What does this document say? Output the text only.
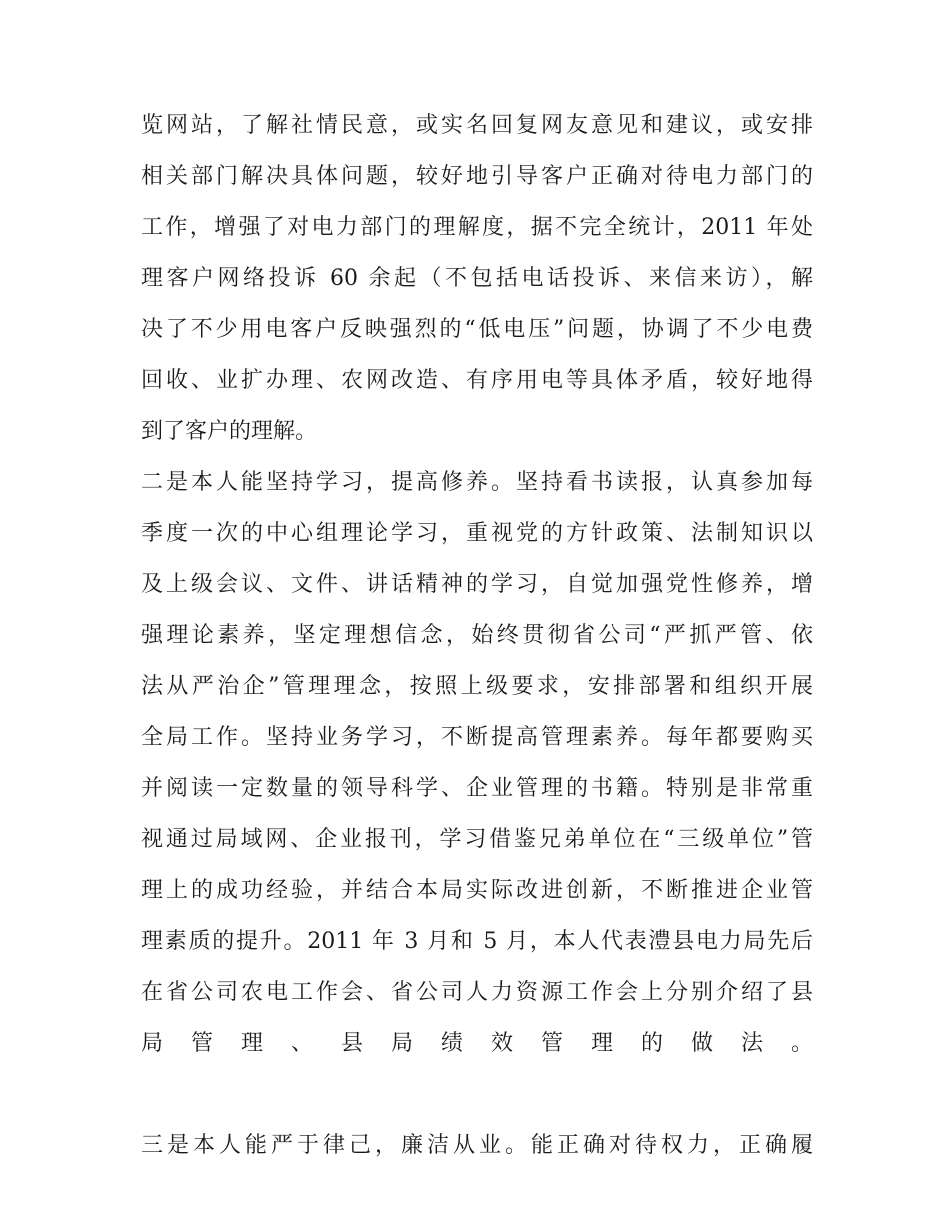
览网站，了解社情民意，或实名回复网友意见和建议，或安排
相关部门解决具体问题，较好地引导客户正确对待电力部门的
工作，增强了对电力部门的理解度，据不完全统计，2011 年处
理客户网络投诉 60 余起（不包括电话投诉、来信来访），解
决了不少用电客户反映强烈的“低电压”问题，协调了不少电费
回收、业扩办理、农网改造、有序用电等具体矛盾，较好地得
到了客户的理解。
二是本人能坚持学习，提高修养。坚持看书读报，认真参加每
季度一次的中心组理论学习，重视党的方针政策、法制知识以
及上级会议、文件、讲话精神的学习，自觉加强党性修养，增
强理论素养，坚定理想信念，始终贯彻省公司“严抓严管、依
法从严治企”管理理念，按照上级要求，安排部署和组织开展
全局工作。坚持业务学习，不断提高管理素养。每年都要购买
并阅读一定数量的领导科学、企业管理的书籍。特别是非常重
视通过局域网、企业报刊，学习借鉴兄弟单位在“三级单位”管
理上的成功经验，并结合本局实际改进创新，不断推进企业管
理素质的提升。2011 年 3 月和 5 月，本人代表澧县电力局先后
在省公司农电工作会、省公司人力资源工作会上分别介绍了县
局管理、县局绩效管理的做法。
三是本人能严于律己，廉洁从业。能正确对待权力，正确履
